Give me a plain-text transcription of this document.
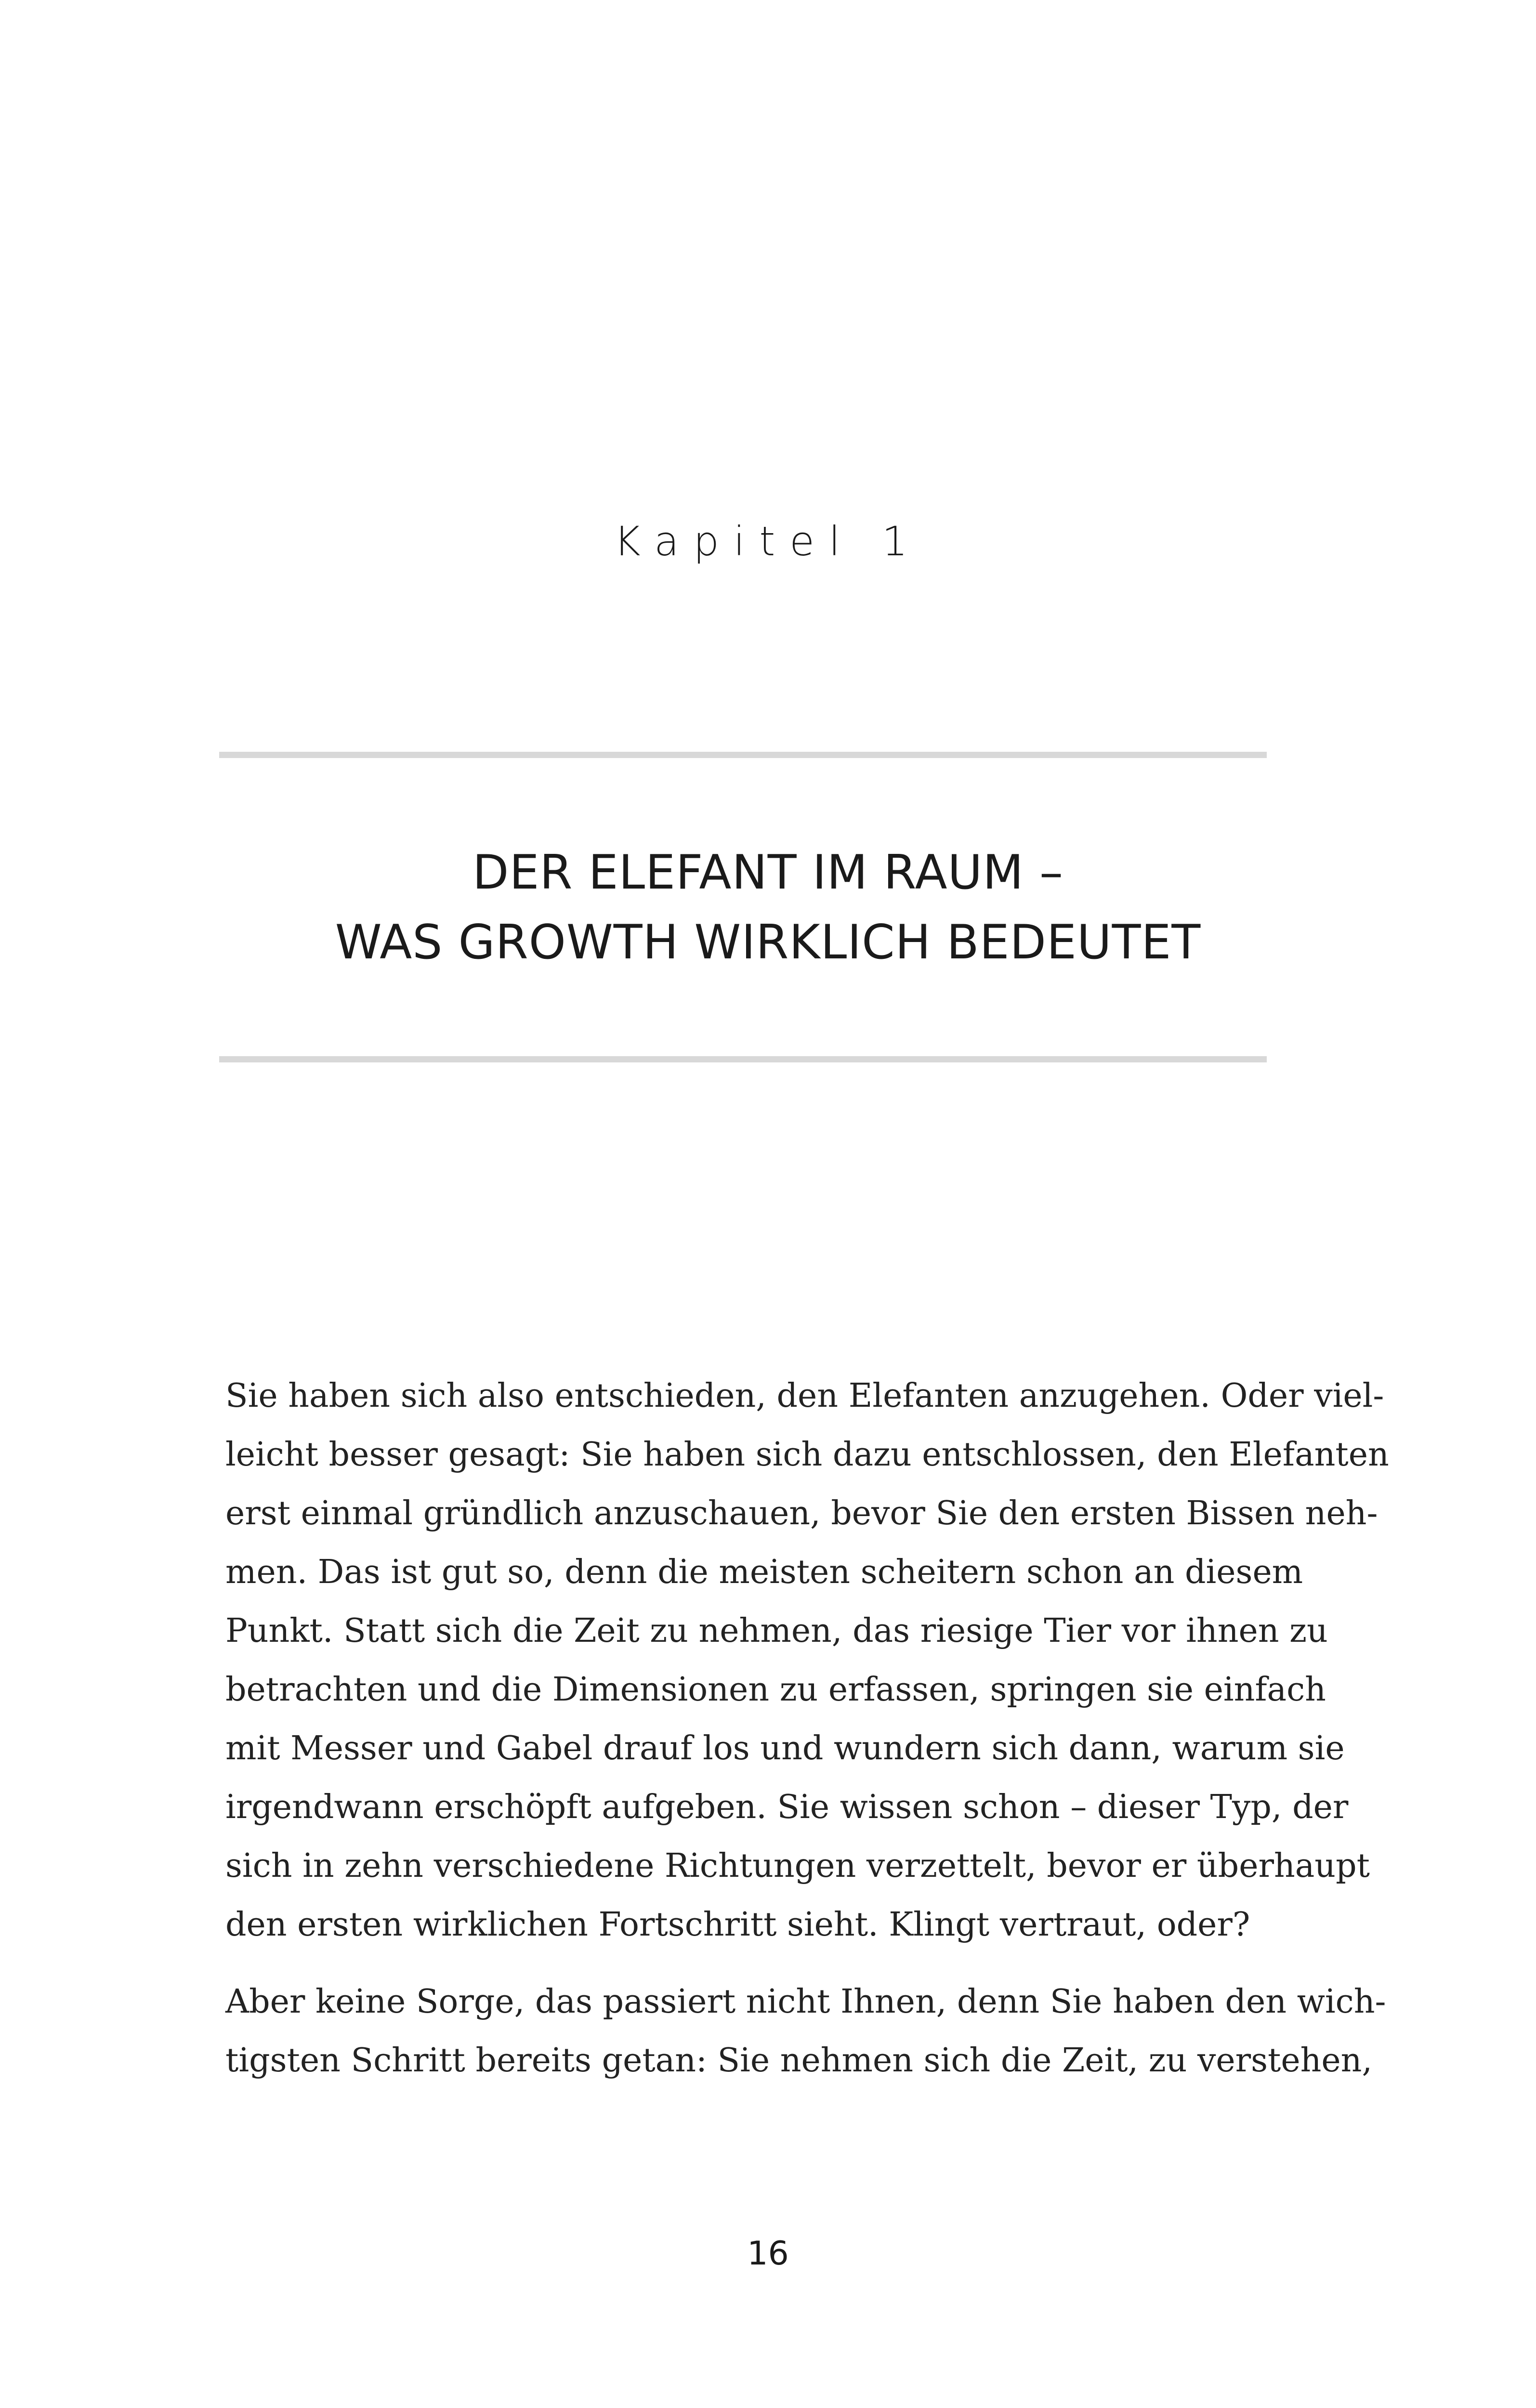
Kapitel 1
DER ELEFANT IM RAUM –
WAS GROWTH WIRKLICH BEDEUTET

Sie haben sich also entschieden, den Elefanten anzugehen. Oder viel-
leicht besser gesagt: Sie haben sich dazu entschlossen, den Elefanten
erst einmal gründlich anzuschauen, bevor Sie den ersten Bissen neh-
men. Das ist gut so, denn die meisten scheitern schon an diesem
Punkt. Statt sich die Zeit zu nehmen, das riesige Tier vor ihnen zu
betrachten und die Dimensionen zu erfassen, springen sie einfach
mit Messer und Gabel drauf los und wundern sich dann, warum sie
irgendwann erschöpft aufgeben. Sie wissen schon – dieser Typ, der
sich in zehn verschiedene Richtungen verzettelt, bevor er überhaupt
den ersten wirklichen Fortschritt sieht. Klingt vertraut, oder?

Aber keine Sorge, das passiert nicht Ihnen, denn Sie haben den wich-
tigsten Schritt bereits getan: Sie nehmen sich die Zeit, zu verstehen,

16
